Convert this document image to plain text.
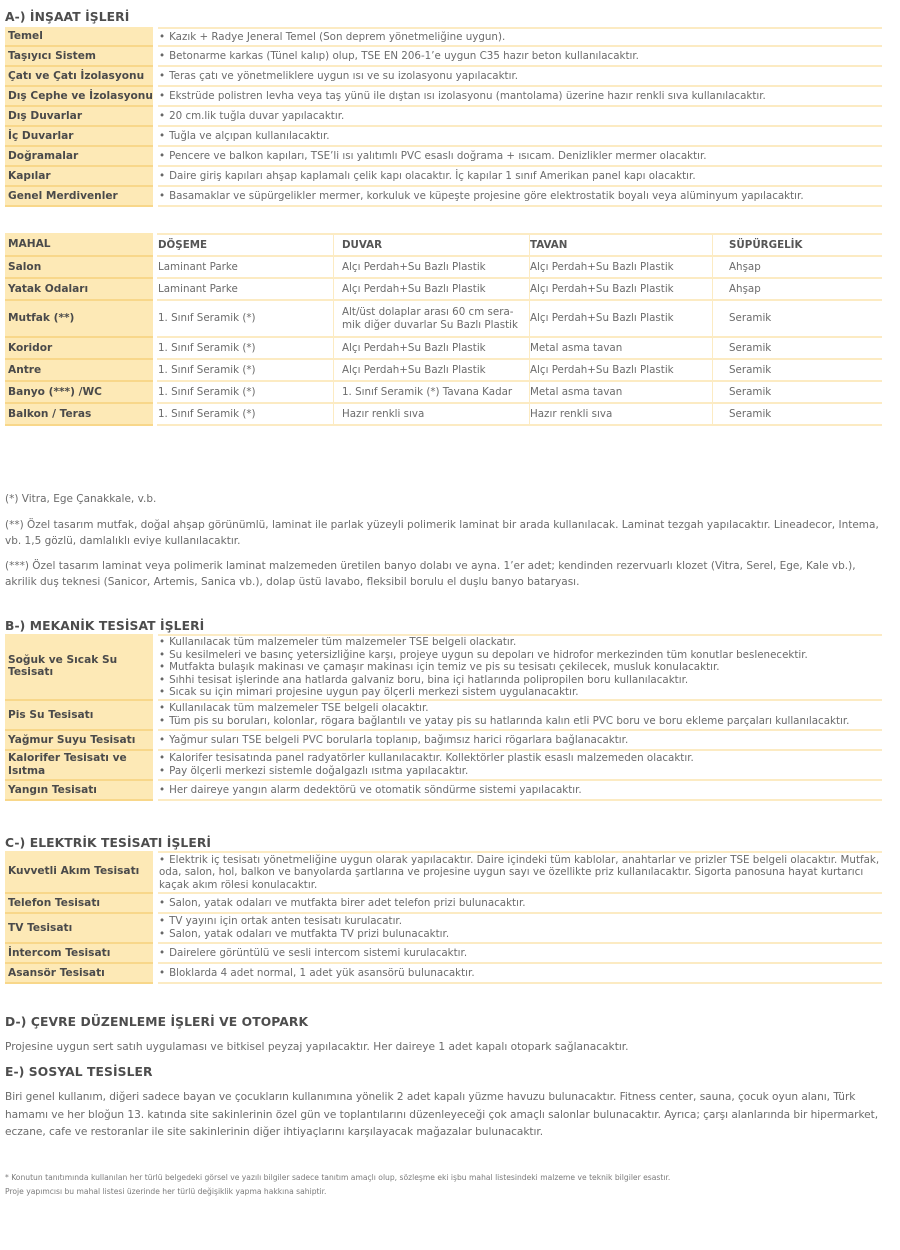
A-) İNŞAAT İŞLERİ
Temel		• Kazık + Radye Jeneral Temel (Son deprem yönetmeliğine uygun).

Taşıyıcı Sistem		• Betonarme karkas (Tünel kalıp) olup, TSE EN 206-1’e uygun C35 hazır beton kullanılacaktır.

Çatı ve Çatı İzolasyonu		• Teras çatı ve yönetmeliklere uygun ısı ve su izolasyonu yapılacaktır.

Dış Cephe ve İzolasyonu		• Ekstrüde polistren levha veya taş yünü ile dıştan ısı izolasyonu (mantolama) üzerine hazır renkli sıva kullanılacaktır.

Dış Duvarlar		• 20 cm.lik tuğla duvar yapılacaktır.

İç Duvarlar		• Tuğla ve alçıpan kullanılacaktır.

Doğramalar		• Pencere ve balkon kapıları, TSE’li ısı yalıtımlı PVC esaslı doğrama + ısıcam. Denizlikler mermer olacaktır.

Kapılar		• Daire giriş kapıları ahşap kaplamalı çelik kapı olacaktır. İç kapılar 1 sınıf Amerikan panel kapı olacaktır.

Genel Merdivenler		• Basamaklar ve süpürgelikler mermer, korkuluk ve küpeşte projesine göre elektrostatik boyalı veya alüminyum yapılacaktır.
MAHAL		DÖŞEME	DUVAR	TAVAN	SÜPÜRGELİK
Salon		Laminant Parke	Alçı Perdah+Su Bazlı Plastik	Alçı Perdah+Su Bazlı Plastik	Ahşap
Yatak Odaları		Laminant Parke	Alçı Perdah+Su Bazlı Plastik	Alçı Perdah+Su Bazlı Plastik	Ahşap
Mutfak (**)		1. Sınıf Seramik (*)	Alt/üst dolaplar arası 60 cm sera- mik diğer duvarlar Su Bazlı Plastik	Alçı Perdah+Su Bazlı Plastik	Seramik
Koridor		1. Sınıf Seramik (*)	Alçı Perdah+Su Bazlı Plastik	Metal asma tavan	Seramik
Antre		1. Sınıf Seramik (*)	Alçı Perdah+Su Bazlı Plastik	Alçı Perdah+Su Bazlı Plastik	Seramik
Banyo (***) /WC		1. Sınıf Seramik (*)	1. Sınıf Seramik (*) Tavana Kadar	Metal asma tavan	Seramik
Balkon / Teras		1. Sınıf Seramik (*)	Hazır renkli sıva	Hazır renkli sıva	Seramik

(*) Vitra, Ege Çanakkale, v.b.

(**) Özel tasarım mutfak, doğal ahşap görünümlü, laminat ile parlak yüzeyli polimerik laminat bir arada kullanılacak. Laminat tezgah yapılacaktır. Lineadecor, Intema, vb. 1,5 gözlü, damlalıklı eviye kullanılacaktır.

(***) Özel tasarım laminat veya polimerik laminat malzemeden üretilen banyo dolabı ve ayna. 1’er adet; kendinden rezervuarlı klozet (Vitra, Serel, Ege, Kale vb.), akrilik duş teknesi (Sanicor, Artemis, Sanica vb.), dolap üstü lavabo, fleksibil borulu el duşlu banyo bataryası.

B-) MEKANİK TESİSAT İŞLERİ
Soğuk ve Sıcak Su Tesisatı		• Kullanılacak tüm malzemeler tüm malzemeler TSE belgeli olackatır.
• Su kesilmeleri ve basınç yetersizliğine karşı, projeye uygun su depoları ve hidrofor merkezinden tüm konutlar beslenecektir.
• Mutfakta bulaşık makinası ve çamaşır makinası için temiz ve pis su tesisatı çekilecek, musluk konulacaktır.
• Sıhhi tesisat işlerinde ana hatlarda galvaniz boru, bina içi hatlarında polipropilen boru kullanılacaktır.
• Sıcak su için mimari projesine uygun pay ölçerli merkezi sistem uygulanacaktır.

Pis Su Tesisatı		• Kullanılacak tüm malzemeler TSE belgeli olacaktır.
• Tüm pis su boruları, kolonlar, rögara bağlantılı ve yatay pis su hatlarında kalın etli PVC boru ve boru ekleme parçaları kullanılacaktır.

Yağmur Suyu Tesisatı		• Yağmur suları TSE belgeli PVC borularla toplanıp, bağımsız harici rögarlara bağlanacaktır.

Kalorifer Tesisatı ve Isıtma		• Kalorifer tesisatında panel radyatörler kullanılacaktır. Kollektörler plastik esaslı malzemeden olacaktır.
• Pay ölçerli merkezi sistemle doğalgazlı ısıtma yapılacaktır.

Yangın Tesisatı		• Her daireye yangın alarm dedektörü ve otomatik söndürme sistemi yapılacaktır.
C-) ELEKTRİK TESİSATI İŞLERİ
Kuvvetli Akım Tesisatı		• Elektrik iç tesisatı yönetmeliğine uygun olarak yapılacaktır. Daire içindeki tüm kablolar, anahtarlar ve prizler TSE belgeli olacaktır. Mutfak, oda, salon, hol, balkon ve banyolarda şartlarına ve projesine uygun sayı ve özellikte priz kullanılacaktır. Sigorta panosuna hayat kurtarıcı kaçak akım rölesi konulacaktır.

Telefon Tesisatı		• Salon, yatak odaları ve mutfakta birer adet telefon prizi bulunacaktır.

TV Tesisatı		• TV yayını için ortak anten tesisatı kurulacatır.
• Salon, yatak odaları ve mutfakta TV prizi bulunacaktır.

İntercom Tesisatı		• Dairelere görüntülü ve sesli intercom sistemi kurulacaktır.

Asansör Tesisatı		• Bloklarda 4 adet normal, 1 adet yük asansörü bulunacaktır.
D-) ÇEVRE DÜZENLEME İŞLERİ VE OTOPARK

Projesine uygun sert satıh uygulaması ve bitkisel peyzaj yapılacaktır. Her daireye 1 adet kapalı otopark sağlanacaktır.

E-) SOSYAL TESİSLER

Biri genel kullanım, diğeri sadece bayan ve çocukların kullanımına yönelik 2 adet kapalı yüzme havuzu bulunacaktır. Fitness center, sauna, çocuk oyun alanı, Türk hamamı ve her bloğun 13. katında site sakinlerinin özel gün ve toplantılarını düzenleyeceği çok amaçlı salonlar bulunacaktır. Ayrıca; çarşı alanlarında bir hipermarket, eczane, cafe ve restoranlar ile site sakinlerinin diğer ihtiyaçlarını karşılayacak mağazalar bulunacaktır.

* Konutun tanıtımında kullanılan her türlü belgedeki görsel ve yazılı bilgiler sadece tanıtım amaçlı olup, sözleşme eki işbu mahal listesindeki malzeme ve teknik bilgiler esastır.

Proje yapımcısı bu mahal listesi üzerinde her türlü değişiklik yapma hakkına sahiptir.
